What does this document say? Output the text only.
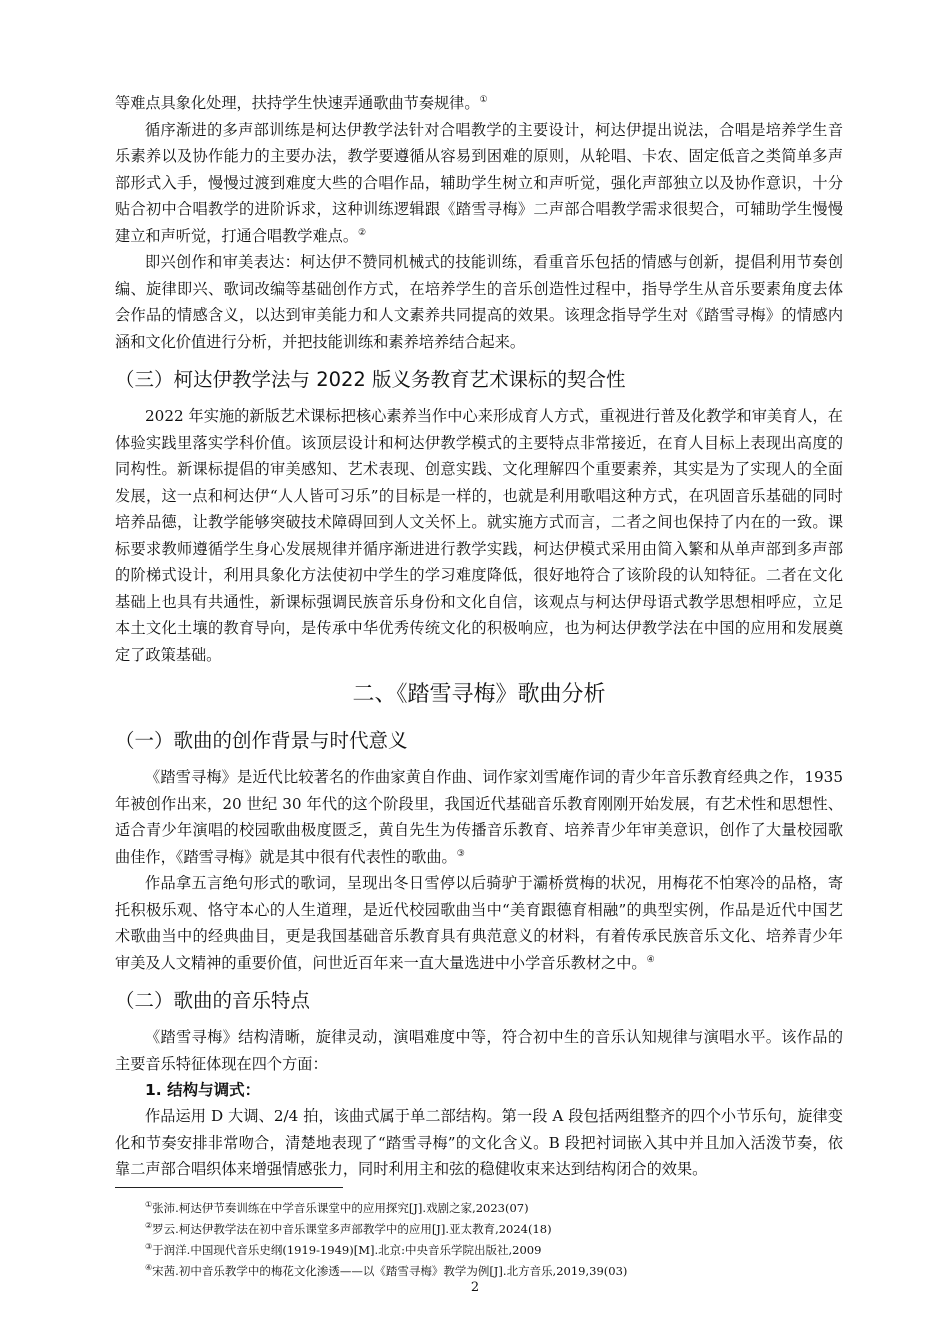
等难点具象化处理，扶持学生快速弄通歌曲节奏规律。①

循序渐进的多声部训练是柯达伊教学法针对合唱教学的主要设计，柯达伊提出说法，合唱是培养学生音乐素养以及协作能力的主要办法，教学要遵循从容易到困难的原则，从轮唱、卡农、固定低音之类简单多声部形式入手，慢慢过渡到难度大些的合唱作品，辅助学生树立和声听觉，强化声部独立以及协作意识，十分贴合初中合唱教学的进阶诉求，这种训练逻辑跟《踏雪寻梅》二声部合唱教学需求很契合，可辅助学生慢慢建立和声听觉，打通合唱教学难点。②

即兴创作和审美表达：柯达伊不赞同机械式的技能训练，看重音乐包括的情感与创新，提倡利用节奏创编、旋律即兴、歌词改编等基础创作方式，在培养学生的音乐创造性过程中，指导学生从音乐要素角度去体会作品的情感含义，以达到审美能力和人文素养共同提高的效果。该理念指导学生对《踏雪寻梅》的情感内涵和文化价值进行分析，并把技能训练和素养培养结合起来。

（三）柯达伊教学法与 2022 版义务教育艺术课标的契合性

2022 年实施的新版艺术课标把核心素养当作中心来形成育人方式，重视进行普及化教学和审美育人，在体验实践里落实学科价值。该顶层设计和柯达伊教学模式的主要特点非常接近，在育人目标上表现出高度的同构性。新课标提倡的审美感知、艺术表现、创意实践、文化理解四个重要素养，其实是为了实现人的全面发展，这一点和柯达伊“人人皆可习乐”的目标是一样的，也就是利用歌唱这种方式，在巩固音乐基础的同时培养品德，让教学能够突破技术障碍回到人文关怀上。就实施方式而言，二者之间也保持了内在的一致。课标要求教师遵循学生身心发展规律并循序渐进进行教学实践，柯达伊模式采用由简入繁和从单声部到多声部的阶梯式设计，利用具象化方法使初中学生的学习难度降低，很好地符合了该阶段的认知特征。二者在文化基础上也具有共通性，新课标强调民族音乐身份和文化自信，该观点与柯达伊母语式教学思想相呼应，立足本土文化土壤的教育导向，是传承中华优秀传统文化的积极响应，也为柯达伊教学法在中国的应用和发展奠定了政策基础。

二、《踏雪寻梅》歌曲分析
（一）歌曲的创作背景与时代意义

《踏雪寻梅》是近代比较著名的作曲家黄自作曲、词作家刘雪庵作词的青少年音乐教育经典之作，1935 年被创作出来，20 世纪 30 年代的这个阶段里，我国近代基础音乐教育刚刚开始发展，有艺术性和思想性、适合青少年演唱的校园歌曲极度匮乏，黄自先生为传播音乐教育、培养青少年审美意识，创作了大量校园歌曲佳作，《踏雪寻梅》就是其中很有代表性的歌曲。③

作品拿五言绝句形式的歌词，呈现出冬日雪停以后骑驴于灞桥赏梅的状况，用梅花不怕寒冷的品格，寄托积极乐观、恪守本心的人生道理，是近代校园歌曲当中“美育跟德育相融”的典型实例，作品是近代中国艺术歌曲当中的经典曲目，更是我国基础音乐教育具有典范意义的材料，有着传承民族音乐文化、培养青少年审美及人文精神的重要价值，问世近百年来一直大量选进中小学音乐教材之中。④

（二）歌曲的音乐特点

《踏雪寻梅》结构清晰，旋律灵动，演唱难度中等，符合初中生的音乐认知规律与演唱水平。该作品的主要音乐特征体现在四个方面：

1. 结构与调式：

作品运用 D 大调、2/4 拍，该曲式属于单二部结构。第一段 A 段包括两组整齐的四个小节乐句，旋律变化和节奏安排非常吻合，清楚地表现了“踏雪寻梅”的文化含义。B 段把衬词嵌入其中并且加入活泼节奏，依靠二声部合唱织体来增强情感张力，同时利用主和弦的稳健收束来达到结构闭合的效果。

①张沛.柯达伊节奏训练在中学音乐课堂中的应用探究[J].戏剧之家,2023(07)

②罗云.柯达伊教学法在初中音乐课堂多声部教学中的应用[J].亚太教育,2024(18)

③于润洋.中国现代音乐史纲(1919-1949)[M].北京:中央音乐学院出版社,2009

④宋茜.初中音乐教学中的梅花文化渗透——以《踏雪寻梅》教学为例[J].北方音乐,2019,39(03)

2
